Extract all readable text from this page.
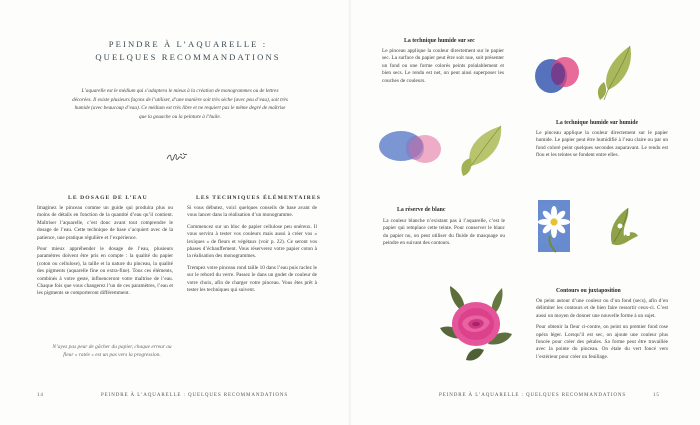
PEINDRE À L’AQUARELLE :
QUELQUES RECOMMANDATIONS
L’aquarelle est le médium qui s’adaptera le mieux à la création de monogrammes ou de lettres décorées. Il existe plusieurs façons de l’utiliser, d’une manière soit très sèche (avec peu d’eau), soit très humide (avec beaucoup d’eau). Ce médium est très libre et ne requiert pas le même degré de maîtrise que la gouache ou la peinture à l’huile.
LE DOSAGE DE L’EAU

Imaginez le pinceau comme un guide qui produira plus ou moins de détails en fonction de la quantité d’eau qu’il contient. Maîtriser l’aquarelle, c’est donc avant tout comprendre le dosage de l’eau. Cette technique de base s’acquiert avec de la patience, une pratique régulière et l’expérience.

Pour mieux appréhender le dosage de l’eau, plusieurs paramètres doivent être pris en compte : la qualité du papier (coton ou cellulose), la taille et la nature du pinceau, la qualité des pigments (aquarelle fine ou extra-fine). Tous ces éléments, combinés à votre geste, influenceront votre maîtrise de l’eau. Chaque fois que vous changerez l’un de ces paramètres, l’eau et les pigments se comporteront différemment.

N’ayez pas peur de gâcher du papier, chaque erreur ou fleur « ratée » est un pas vers la progression.
LES TECHNIQUES ÉLÉMENTAIRES

Si vous débutez, voici quelques conseils de base avant de vous lancer dans la réalisation d’un monogramme.

Commencez sur un bloc de papier cellulose peu onéreux. Il vous servira à tester vos couleurs mais aussi à créer vos « lexiques » de fleurs et végétaux (voir p. 22). Ce seront vos phases d’échauffement. Vous réserverez votre papier coton à la réalisation des monogrammes.

Trempez votre pinceau rond taille 10 dans l’eau puis raclez le sur le rebord du verre. Passez le dans un godet de couleur de votre choix, afin de charger votre pinceau. Vous êtes prêt à tester les techniques qui suivent.

14	PEINDRE À L’AQUARELLE : QUELQUES RECOMMANDATIONS
La technique humide sur sec
Le pinceau applique la couleur directement sur le papier sec. La surface du papier peut être soit nue, soit présenter un fond ou une forme colorés peints préalablement et bien secs. Le rendu est net, on peut ainsi superposer les couches de couleurs.
La technique humide sur humide
Le pinceau applique la couleur directement sur le papier humide. Le papier peut être humidifié à l’eau claire ou par un fond coloré peint quelques secondes auparavant. Le rendu est flou et les teintes se fondent entre elles.
La réserve de blanc
La couleur blanche n’existant pas à l’aquarelle, c’est le papier qui remplace cette teinte. Pour conserver le blanc du papier nu, on peut utiliser du fluide de masquage ou peindre en suivant des contours.
Contours ou juxtaposition

On peint autour d’une couleur ou d’un fond (secs), afin d’en délimiter les contours et de bien faire ressortir ceux-ci. C’est aussi un moyen de donner une nouvelle forme à un sujet.

Pour obtenir la fleur ci-contre, on peint un premier fond rose opéra léger. Lorsqu’il est sec, on ajoute une couleur plus foncée pour créer des pétales. Sa forme peut être travaillée avec la pointe du pinceau. On étale du vert foncé vers l’extérieur pour créer un feuillage.

PEINDRE À L’AQUARELLE : QUELQUES RECOMMANDATIONS	15
